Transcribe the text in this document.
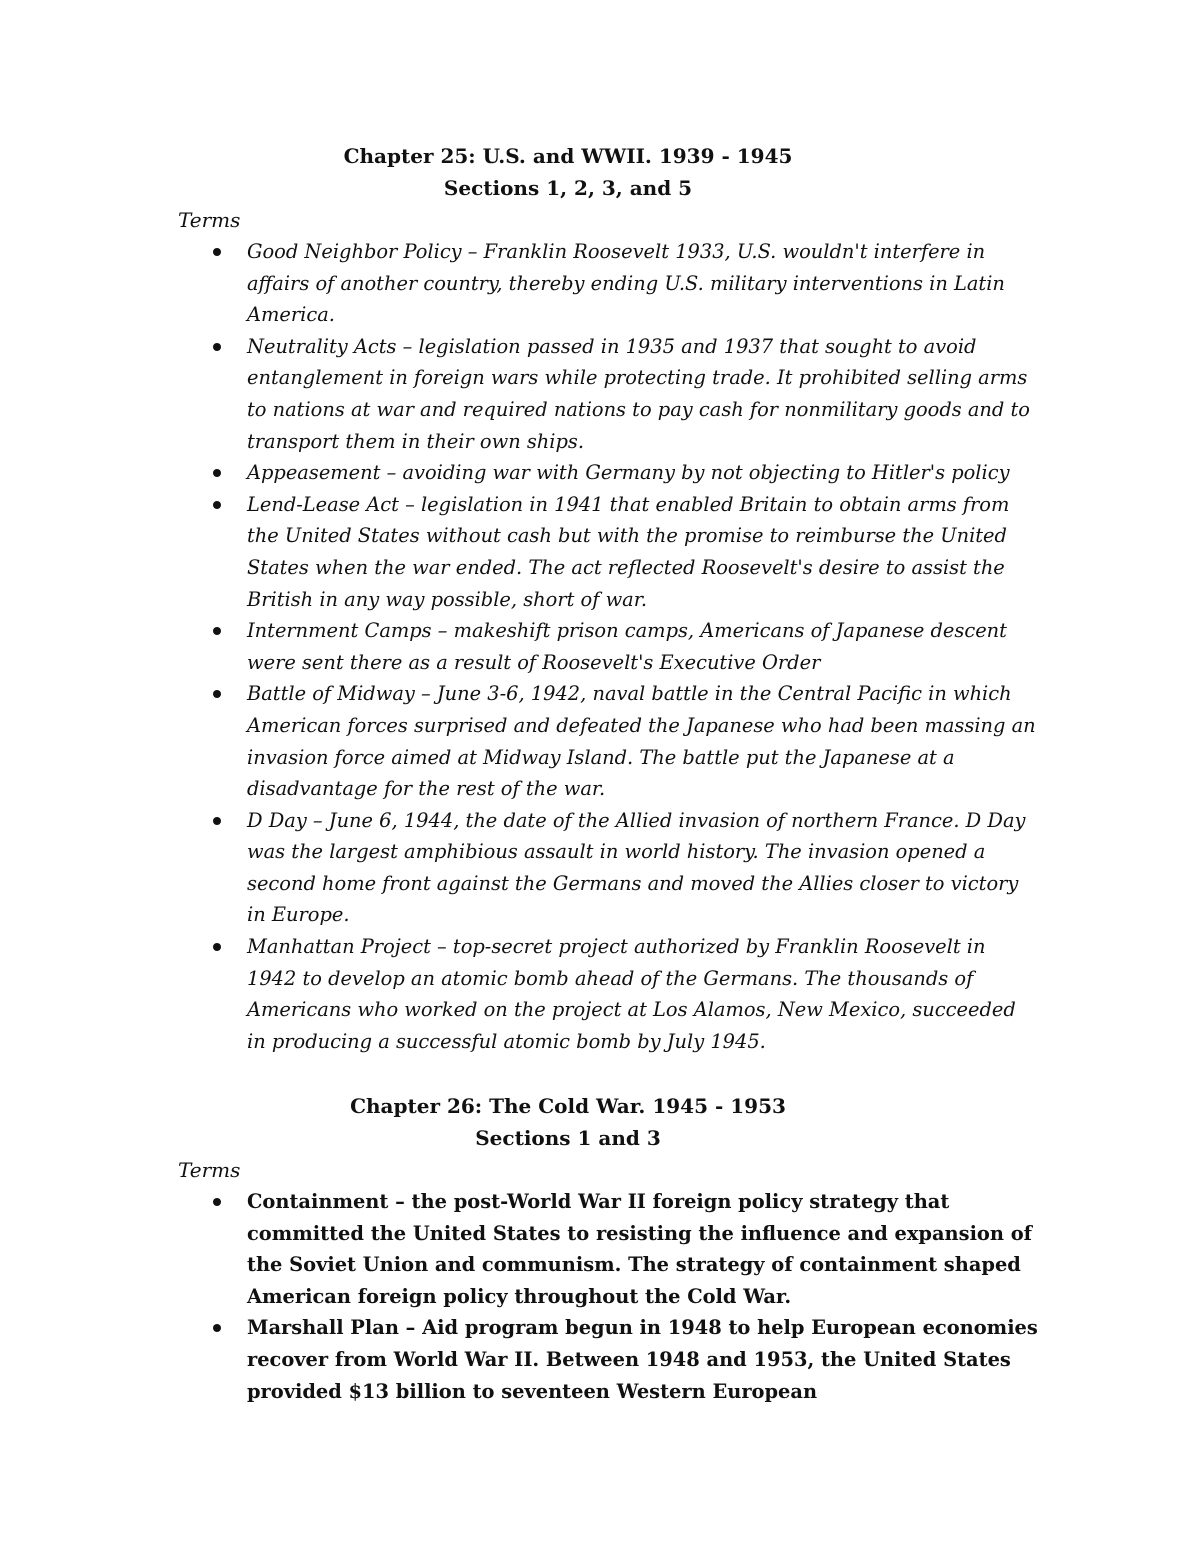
Chapter 25: U.S. and WWII. 1939 - 1945

Sections 1, 2, 3, and 5

Terms

Good Neighbor Policy – Franklin Roosevelt 1933, U.S. wouldn't interfere in affairs of another country, thereby ending U.S. military interventions in Latin America.
Neutrality Acts – legislation passed in 1935 and 1937 that sought to avoid entanglement in foreign wars while protecting trade. It prohibited selling arms to nations at war and required nations to pay cash for nonmilitary goods and to transport them in their own ships.
Appeasement – avoiding war with Germany by not objecting to Hitler's policy
Lend-Lease Act – legislation in 1941 that enabled Britain to obtain arms from the United States without cash but with the promise to reimburse the United States when the war ended. The act reflected Roosevelt's desire to assist the British in any way possible, short of war.
Internment Camps – makeshift prison camps, Americans of Japanese descent were sent there as a result of Roosevelt's Executive Order
Battle of Midway – June 3-6, 1942, naval battle in the Central Pacific in which American forces surprised and defeated the Japanese who had been massing an invasion force aimed at Midway Island. The battle put the Japanese at a disadvantage for the rest of the war.
D Day – June 6, 1944, the date of the Allied invasion of northern France. D Day was the largest amphibious assault in world history. The invasion opened a second home front against the Germans and moved the Allies closer to victory in Europe.
Manhattan Project – top-secret project authorized by Franklin Roosevelt in 1942 to develop an atomic bomb ahead of the Germans. The thousands of Americans who worked on the project at Los Alamos, New Mexico, succeeded in producing a successful atomic bomb by July 1945.

Chapter 26: The Cold War. 1945 - 1953

Sections 1 and 3

Terms

Containment – the post-World War II foreign policy strategy that committed the United States to resisting the influence and expansion of the Soviet Union and communism. The strategy of containment shaped American foreign policy throughout the Cold War.
Marshall Plan – Aid program begun in 1948 to help European economies recover from World War II. Between 1948 and 1953, the United States provided $13 billion to seventeen Western European
